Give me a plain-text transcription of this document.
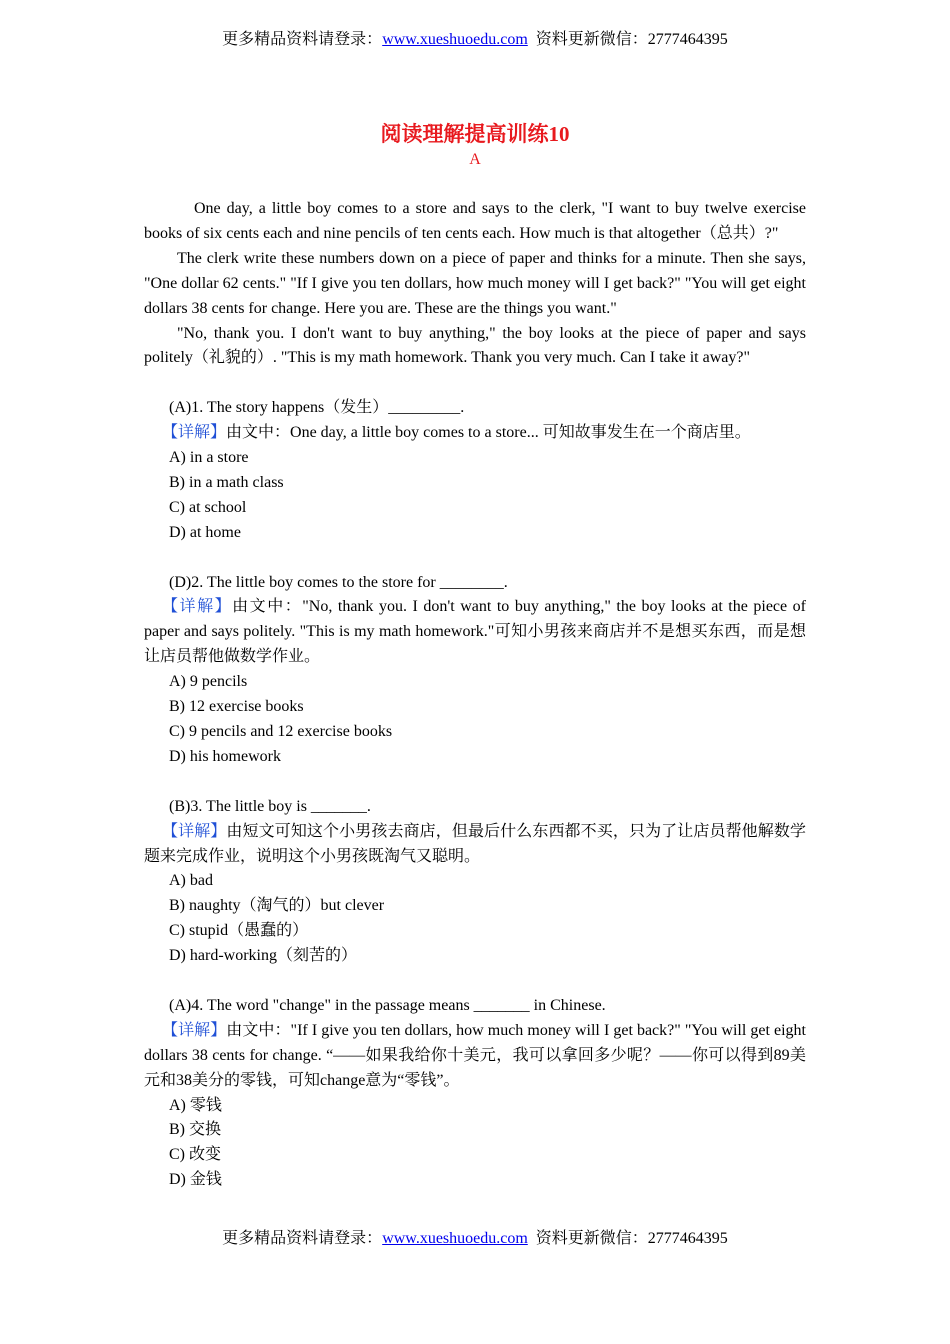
更多精品资料请登录：www.xueshuoedu.com  资料更新微信：2777464395
阅读理解提高训练10
A

One day, a little boy comes to a store and says to the clerk, "I want to buy twelve exercise books of six cents each and nine pencils of ten cents each. How much is that altogether（总共）?"

The clerk write these numbers down on a piece of paper and thinks for a minute. Then she says, "One dollar 62 cents." "If I give you ten dollars, how much money will I get back?" "You will get eight dollars 38 cents for change. Here you are. These are the things you want."

"No, thank you. I don't want to buy anything," the boy looks at the piece of paper and says politely（礼貌的）. "This is my math homework. Thank you very much. Can I take it away?"

(A)1. The story happens（发生）_________.

【详解】由文中：One day, a little boy comes to a store... 可知故事发生在一个商店里。

A) in a store

B) in a math class

C) at school

D) at home

(D)2. The little boy comes to the store for ________.

【详解】由文中："No, thank you. I don't want to buy anything," the boy looks at the piece of paper and says politely. "This is my math homework."可知小男孩来商店并不是想买东西，而是想让店员帮他做数学作业。

A) 9 pencils

B) 12 exercise books

C) 9 pencils and 12 exercise books

D) his homework

(B)3. The little boy is _______.

【详解】由短文可知这个小男孩去商店，但最后什么东西都不买，只为了让店员帮他解数学题来完成作业，说明这个小男孩既淘气又聪明。

A) bad

B) naughty（淘气的）but clever

C) stupid（愚蠢的）

D) hard-working（刻苦的）

(A)4. The word "change" in the passage means _______ in Chinese.

【详解】由文中："If I give you ten dollars, how much money will I get back?" "You will get eight dollars 38 cents for change. “——如果我给你十美元，我可以拿回多少呢？——你可以得到89美元和38美分的零钱，可知change意为“零钱”。

A) 零钱

B) 交换

C) 改变

D) 金钱

更多精品资料请登录：www.xueshuoedu.com  资料更新微信：2777464395
